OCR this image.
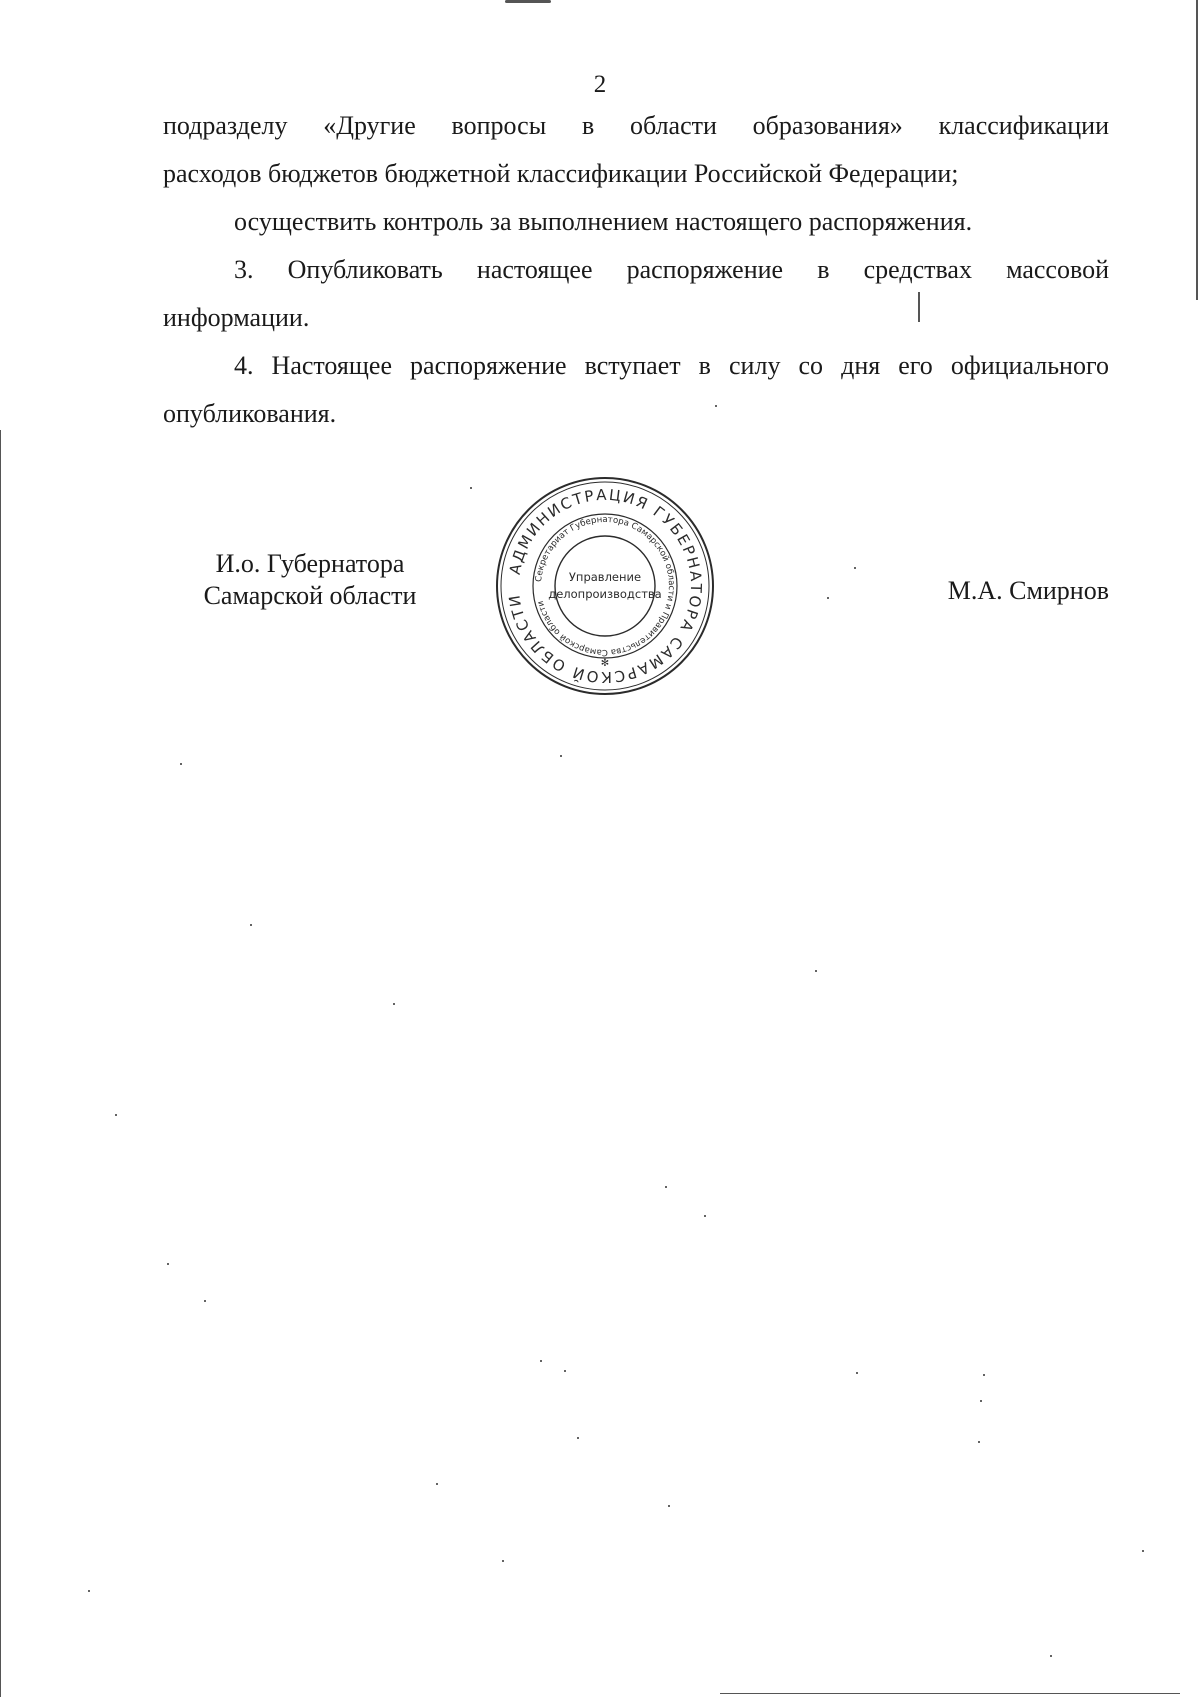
2
подразделу «Другие вопросы в области образования» классификации
расходов бюджетов бюджетной классификации Российской Федерации;
осуществить контроль за выполнением настоящего распоряжения.
3. Опубликовать настоящее распоряжение в средствах массовой
информации.
4. Настоящее распоряжение вступает в силу со дня его официального
опубликования.
И.о. Губернатора
Самарской области	М.А. Смирнов
АДМИНИСТРАЦИЯ ГУБЕРНАТОРА САМАРСКОЙ ОБЛАСТИ
Секретариат Губернатора Самарской области и Правительства Самарской области
Управление
делопроизводства
✻
